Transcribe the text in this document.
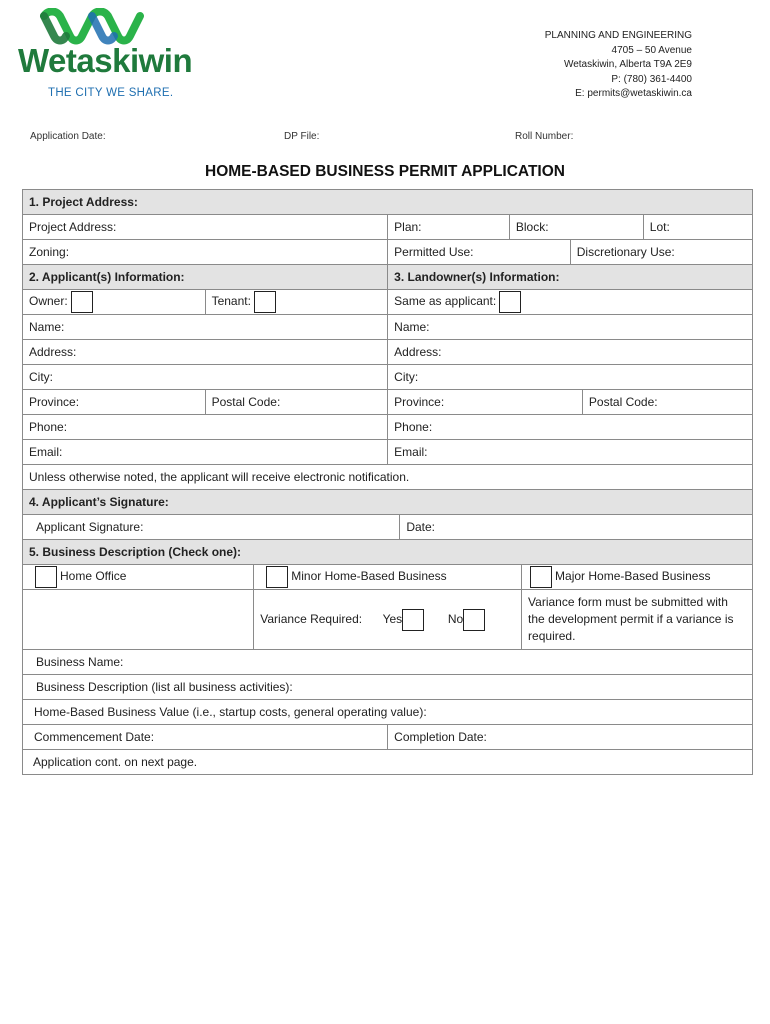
Wetaskiwin
THE CITY WE SHARE.
PLANNING AND ENGINEERING
4705 – 50 Avenue
Wetaskiwin, Alberta T9A 2E9
P: (780) 361-4400
E: permits@wetaskiwin.ca
Application Date:	DP File:	Roll Number:
HOME-BASED BUSINESS PERMIT APPLICATION
1. Project Address:									
Project Address:			Plan:		Block:				Lot:
Zoning:			Permitted Use:				Discretionary Use:		
2. Applicant(s) Information:			3. Landowner(s) Information:						
Owner:	Tenant:		Same as applicant:						
Name:			Name:						
Address:			Address:						
City:			City:						
Province:	Postal Code:		Province:					Postal Code:	
Phone:			Phone:						
Email:			Email:						
Unless otherwise noted, the applicant will receive electronic notification.									
4. Applicant’s Signature:									
Applicant Signature:				Date:					
5. Business Description (Check one):									
Home Office		Minor Home-Based Business				Major Home-Based Business			
		Variance Required: Yes No				Variance form must be submitted with the development permit if a variance is required.			
Business Name:									
Business Description (list all business activities):									
Home-Based Business Value (i.e., startup costs, general operating value):									
Commencement Date:			Completion Date:						
Application cont. on next page.									
